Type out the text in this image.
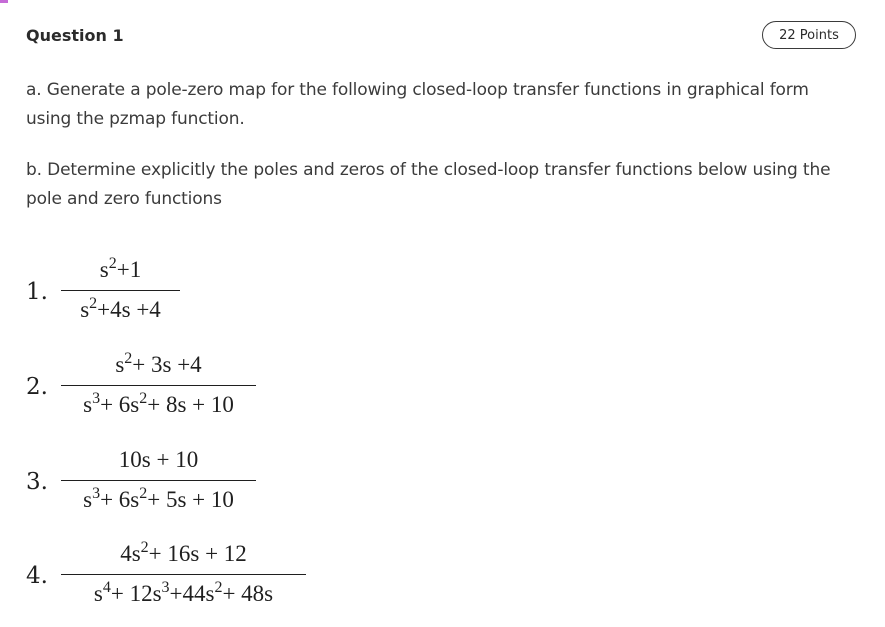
Question 1	22 Points
a. Generate a pole-zero map for the following closed-loop transfer functions in graphical form using the pzmap function.
b. Determine explicitly the poles and zeros of the closed-loop transfer functions below using the pole and zero functions
1.
$s^2+1$
$s^2+4s +4$
2.
$s^2+ 3s +4$
$s^3+ 6s^2+ 8s + 10$
3.
10s + 10
$s^3+ 6s^2+ 5s + 10$
4.
$4s^2+ 16s + 12$
$s^4+ 12s^3+44s^2+ 48s$
